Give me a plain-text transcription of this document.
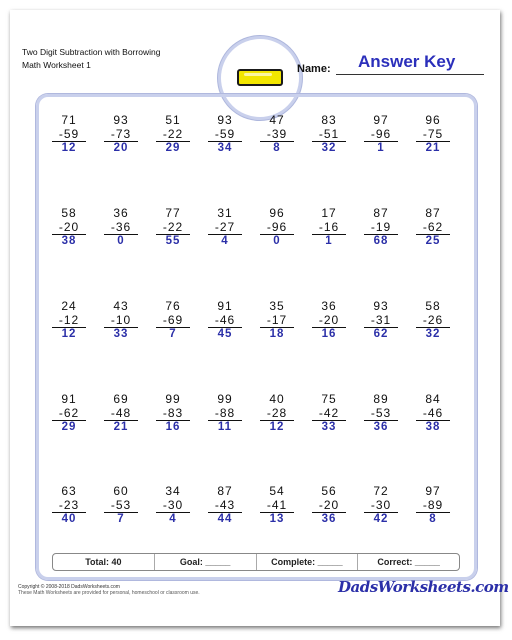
Two Digit Subtraction with Borrowing
Math Worksheet 1	Name: Answer Key
71
-59
12
93
-73
20
51
-22
29
93
-59
34
47
-39
8
83
-51
32
97
-96
1
96
-75
21
58
-20
38
36
-36
0
77
-22
55
31
-27
4
96
-96
0
17
-16
1
87
-19
68
87
-62
25
24
-12
12
43
-10
33
76
-69
7
91
-46
45
35
-17
18
36
-20
16
93
-31
62
58
-26
32
91
-62
29
69
-48
21
99
-83
16
99
-88
11
40
-28
12
75
-42
33
89
-53
36
84
-46
38
63
-23
40
60
-53
7
34
-30
4
87
-43
44
54
-41
13
56
-20
36
72
-30
42
97
-89
8
Total: 40	Goal: _____	Complete: _____	Correct: _____
Copyright © 2008-2018 DadsWorksheets.com
These Math Worksheets are provided for personal, homeschool or classroom use.	DadsWorksheets.com
